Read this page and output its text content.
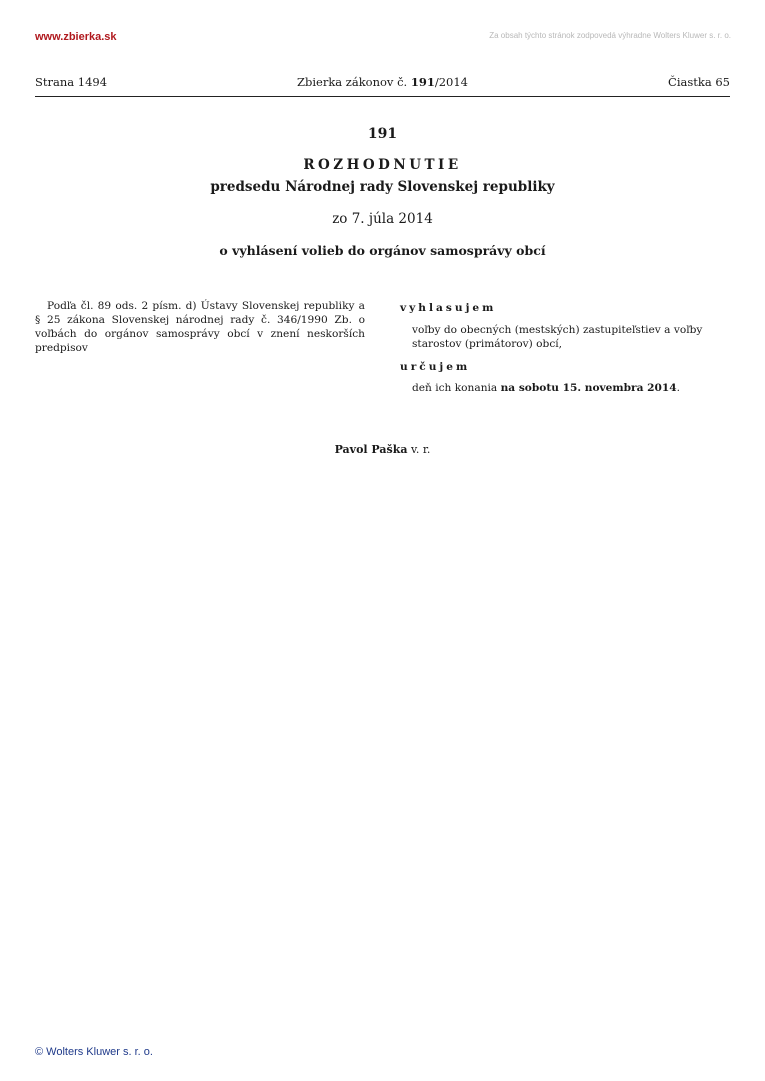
www.zbierka.sk	Za obsah týchto stránok zodpovedá výhradne Wolters Kluwer s. r. o.
Strana 1494	Zbierka zákonov č. 191/2014	Čiastka 65
191
ROZHODNUTIE
predsedu Národnej rady Slovenskej republiky
zo 7. júla 2014
o vyhlásení volieb do orgánov samosprávy obcí
Podľa čl. 89 ods. 2 písm. d) Ústavy Slovenskej republiky a § 25 zákona Slovenskej národnej rady č. 346/1990 Zb. o voľbách do orgánov samosprávy obcí v znení neskorších predpisov
vyhlasujem
voľby do obecných (mestských) zastupiteľstiev a voľby starostov (primátorov) obcí,
určujem
deň ich konania na sobotu 15. novembra 2014.
Pavol Paška v. r.
© Wolters Kluwer s. r. o.
